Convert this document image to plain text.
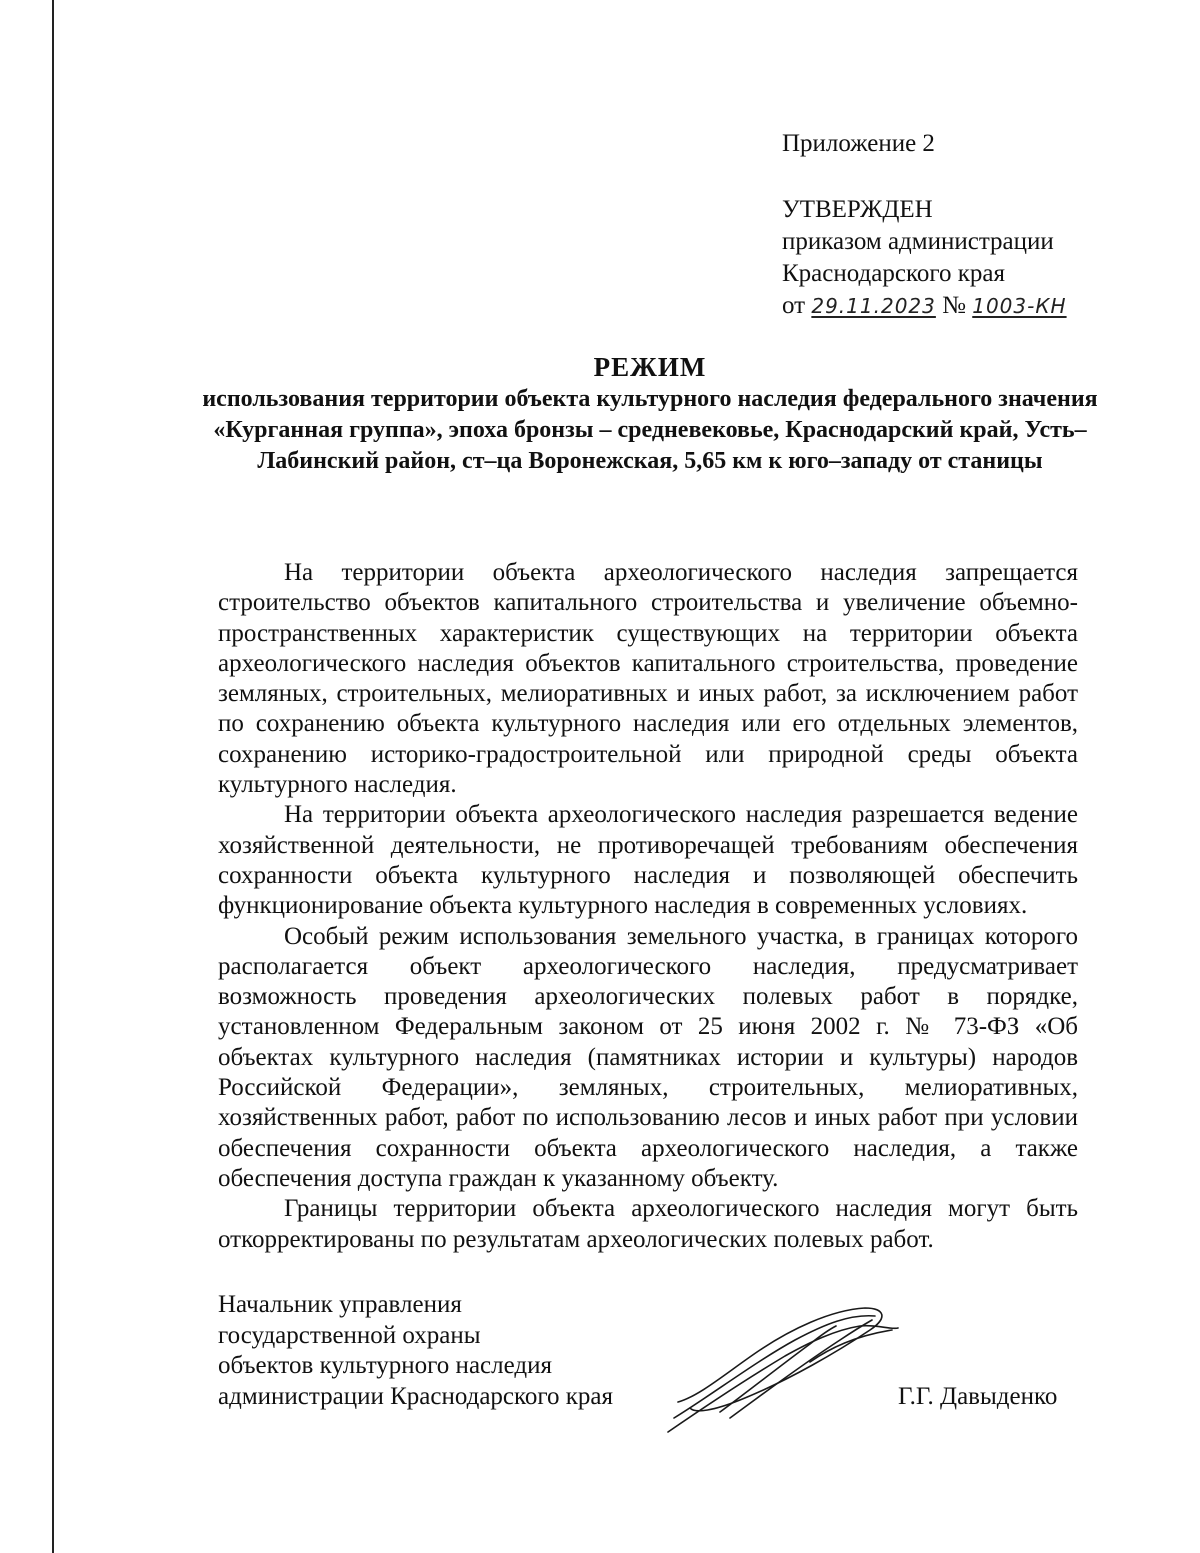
Приложение 2
УТВЕРЖДЕН
приказом администрации
Краснодарского края
от 29.11.2023 № 1003-КН
РЕЖИМ
использования территории объекта культурного наследия федерального значения «Курганная группа», эпоха бронзы – средневековье, Краснодарский край, Усть–Лабинский район, ст–ца Воронежская, 5,65 км к юго–западу от станицы

На территории объекта археологического наследия запрещается строительство объектов капитального строительства и увеличение объемно-пространственных характеристик существующих на территории объекта археологического наследия объектов капитального строительства, проведение земляных, строительных, мелиоративных и иных работ, за исключением работ по сохранению объекта культурного наследия или его отдельных элементов, сохранению историко-градостроительной или природной среды объекта культурного наследия.

На территории объекта археологического наследия разрешается ведение хозяйственной деятельности, не противоречащей требованиям обеспечения сохранности объекта культурного наследия и позволяющей обеспечить функционирование объекта культурного наследия в современных условиях.

Особый режим использования земельного участка, в границах которого располагается объект археологического наследия, предусматривает возможность проведения археологических полевых работ в порядке, установленном Федеральным законом от 25 июня 2002 г. № 73-ФЗ «Об объектах культурного наследия (памятниках истории и культуры) народов Российской Федерации», земляных, строительных, мелиоративных, хозяйственных работ, работ по использованию лесов и иных работ при условии обеспечения сохранности объекта археологического наследия, а также обеспечения доступа граждан к указанному объекту.

Границы территории объекта археологического наследия могут быть откорректированы по результатам археологических полевых работ.

Начальник управления
государственной охраны
объектов культурного наследия
администрации Краснодарского края	Г.Г. Давыденко
